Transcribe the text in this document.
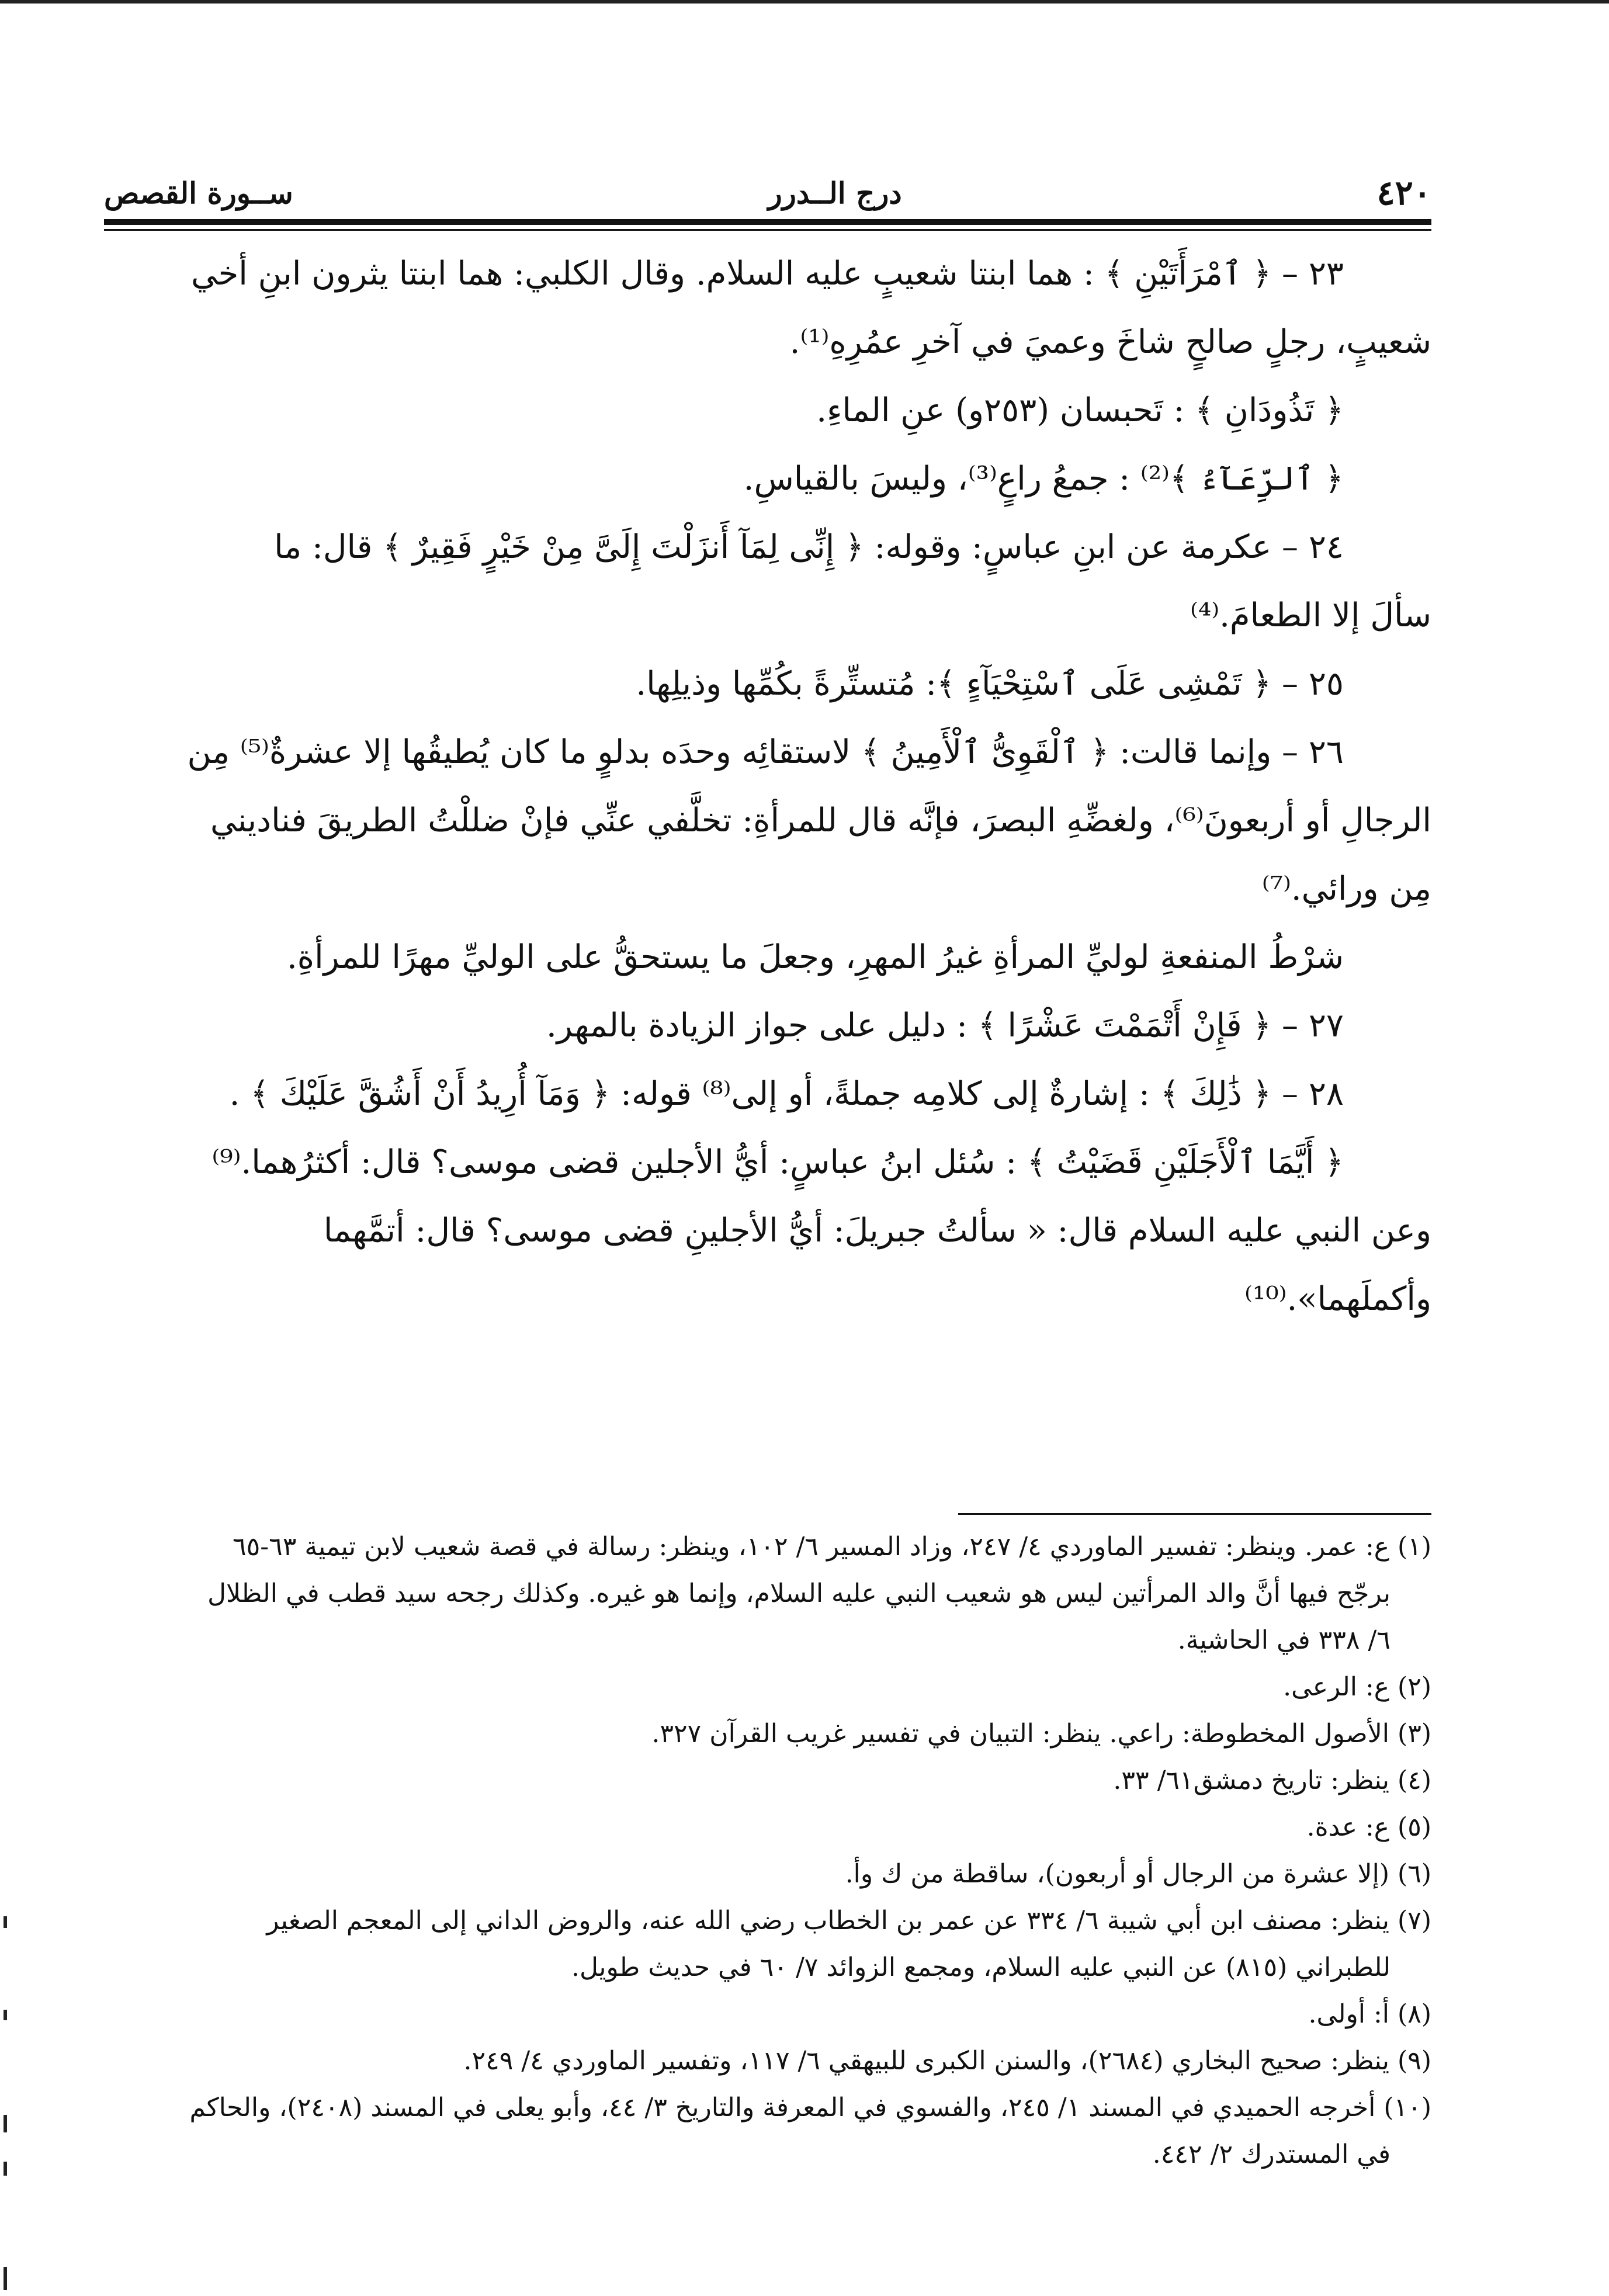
٤٢٠
درج الــدرر
ســورة القصص

٢٣ – ﴿ ٱمْرَأَتَيْنِ ﴾ : هما ابنتا شعيبٍ عليه السلام. وقال الكلبي: هما ابنتا يثرون ابنِ أخي

شعيبٍ، رجلٍ صالحٍ شاخَ وعميَ في آخرِ عمُرِهِ⁽¹⁾.

﴿ تَذُودَانِ ﴾ : تَحبسان (٢٥٣و) عنِ الماءِ.

﴿ ٱلرِّعَآءُ ﴾⁽²⁾ : جمعُ راعٍ⁽³⁾، وليسَ بالقياسِ.

٢٤ – عكرمة عن ابنِ عباسٍ: وقوله: ﴿ إِنِّى لِمَآ أَنزَلْتَ إِلَىَّ مِنْ خَيْرٍ فَقِيرٌ ﴾ قال: ما

سألَ إلا الطعامَ.⁽⁴⁾

٢٥ – ﴿ تَمْشِى عَلَى ٱسْتِحْيَآءٍ ﴾: مُتستِّرةً بكُمِّها وذيلِها.

٢٦ – وإنما قالت: ﴿ ٱلْقَوِىُّ ٱلْأَمِينُ ﴾ لاستقائِه وحدَه بدلوٍ ما كان يُطيقُها إلا عشرةٌ⁽⁵⁾ مِن

الرجالِ أو أربعونَ⁽⁶⁾، ولغضِّهِ البصرَ، فإنَّه قال للمرأةِ: تخلَّفي عنِّي فإنْ ضللْتُ الطريقَ فناديني

مِن ورائي.⁽⁷⁾

شرْطُ المنفعةِ لوليِّ المرأةِ غيرُ المهرِ، وجعلَ ما يستحقُّ على الوليِّ مهرًا للمرأةِ.

٢٧ – ﴿ فَإِنْ أَتْمَمْتَ عَشْرًا ﴾ : دليل على جواز الزيادة بالمهر.

٢٨ – ﴿ ذَٰلِكَ ﴾ : إشارةٌ إلى كلامِه جملةً، أو إلى⁽⁸⁾ قوله: ﴿ وَمَآ أُرِيدُ أَنْ أَشُقَّ عَلَيْكَ ﴾ .

﴿ أَيَّمَا ٱلْأَجَلَيْنِ قَضَيْتُ ﴾ : سُئل ابنُ عباسٍ: أيُّ الأجلين قضى موسى؟ قال: أكثرُهما.⁽⁹⁾

وعن النبي عليه السلام قال: « سألتُ جبريلَ: أيُّ الأجلينِ قضى موسى؟ قال: أتمَّهما

وأكملَهما».⁽¹⁰⁾

(١) ع: عمر. وينظر: تفسير الماوردي ٤/ ٢٤٧، وزاد المسير ٦/ ١٠٢، وينظر: رسالة في قصة شعيب لابن تيمية ٦٣-٦٥

برجّح فيها أنَّ والد المرأتين ليس هو شعيب النبي عليه السلام، وإنما هو غيره. وكذلك رجحه سيد قطب في الظلال

٦/ ٣٣٨ في الحاشية.

(٢) ع: الرعى.

(٣) الأصول المخطوطة: راعي. ينظر: التبيان في تفسير غريب القرآن ٣٢٧.

(٤) ينظر: تاريخ دمشق٦١/ ٣٣.

(٥) ع: عدة.

(٦) (إلا عشرة من الرجال أو أربعون)، ساقطة من ك وأ.

(٧) ينظر: مصنف ابن أبي شيبة ٦/ ٣٣٤ عن عمر بن الخطاب رضي الله عنه، والروض الداني إلى المعجم الصغير

للطبراني (٨١٥) عن النبي عليه السلام، ومجمع الزوائد ٧/ ٦٠ في حديث طويل.

(٨) أ: أولى.

(٩) ينظر: صحيح البخاري (٢٦٨٤)، والسنن الكبرى للبيهقي ٦/ ١١٧، وتفسير الماوردي ٤/ ٢٤٩.

(١٠) أخرجه الحميدي في المسند ١/ ٢٤٥، والفسوي في المعرفة والتاريخ ٣/ ٤٤، وأبو يعلى في المسند (٢٤٠٨)، والحاكم

في المستدرك ٢/ ٤٤٢.
